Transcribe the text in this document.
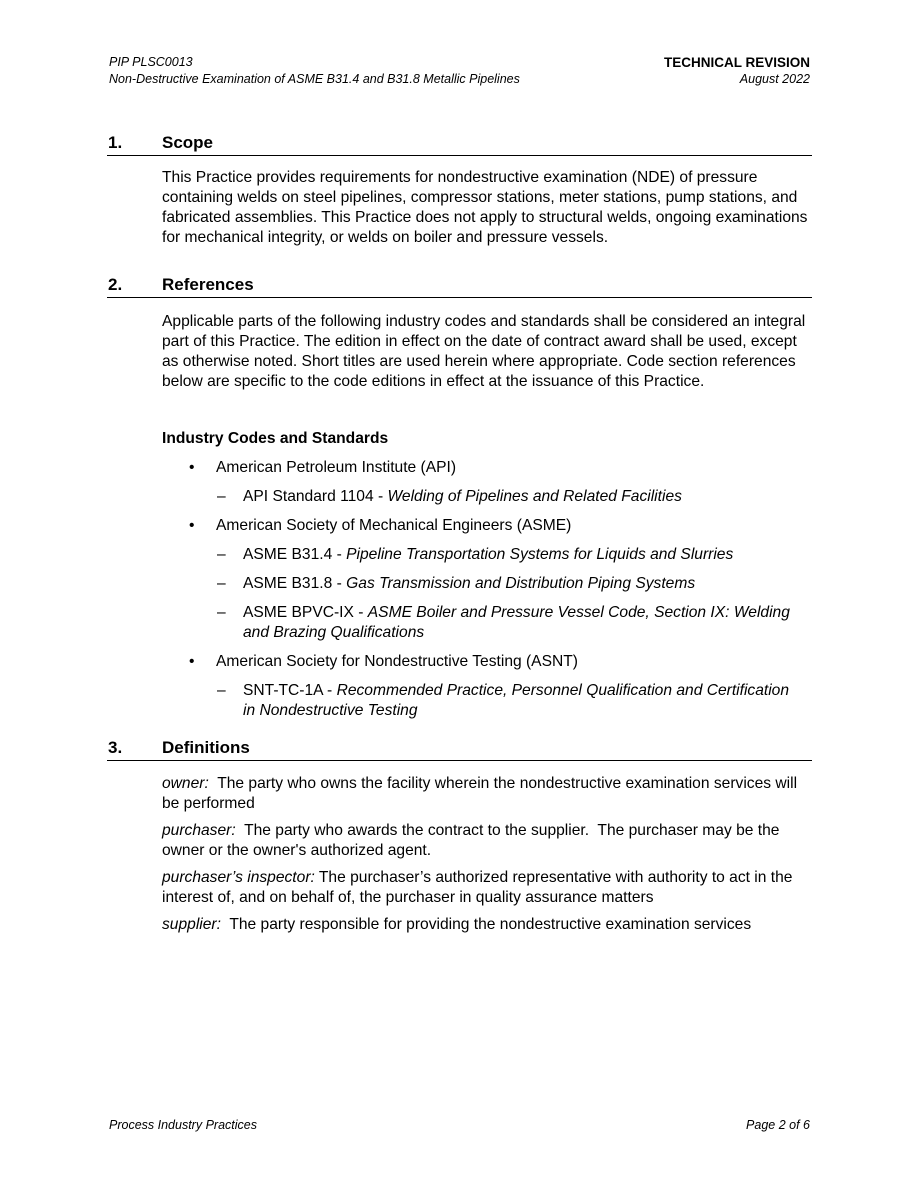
PIP PLSC0013
Non-Destructive Examination of ASME B31.4 and B31.8 Metallic Pipelines
TECHNICAL REVISION
August 2022
1. Scope
This Practice provides requirements for nondestructive examination (NDE) of pressure containing welds on steel pipelines, compressor stations, meter stations, pump stations, and fabricated assemblies. This Practice does not apply to structural welds, ongoing examinations for mechanical integrity, or welds on boiler and pressure vessels.
2. References
Applicable parts of the following industry codes and standards shall be considered an integral part of this Practice. The edition in effect on the date of contract award shall be used, except as otherwise noted. Short titles are used herein where appropriate. Code section references below are specific to the code editions in effect at the issuance of this Practice.
Industry Codes and Standards
• American Petroleum Institute (API)
– API Standard 1104 - Welding of Pipelines and Related Facilities
• American Society of Mechanical Engineers (ASME)
– ASME B31.4 - Pipeline Transportation Systems for Liquids and Slurries
– ASME B31.8 - Gas Transmission and Distribution Piping Systems
– ASME BPVC-IX - ASME Boiler and Pressure Vessel Code, Section IX: Welding and Brazing Qualifications
• American Society for Nondestructive Testing (ASNT)
– SNT-TC-1A - Recommended Practice, Personnel Qualification and Certification in Nondestructive Testing
3. Definitions
owner:  The party who owns the facility wherein the nondestructive examination services will be performed
purchaser:  The party who awards the contract to the supplier.  The purchaser may be the owner or the owner's authorized agent.
purchaser’s inspector: The purchaser’s authorized representative with authority to act in the interest of, and on behalf of, the purchaser in quality assurance matters
supplier:  The party responsible for providing the nondestructive examination services
Process Industry Practices	Page 2 of 6
